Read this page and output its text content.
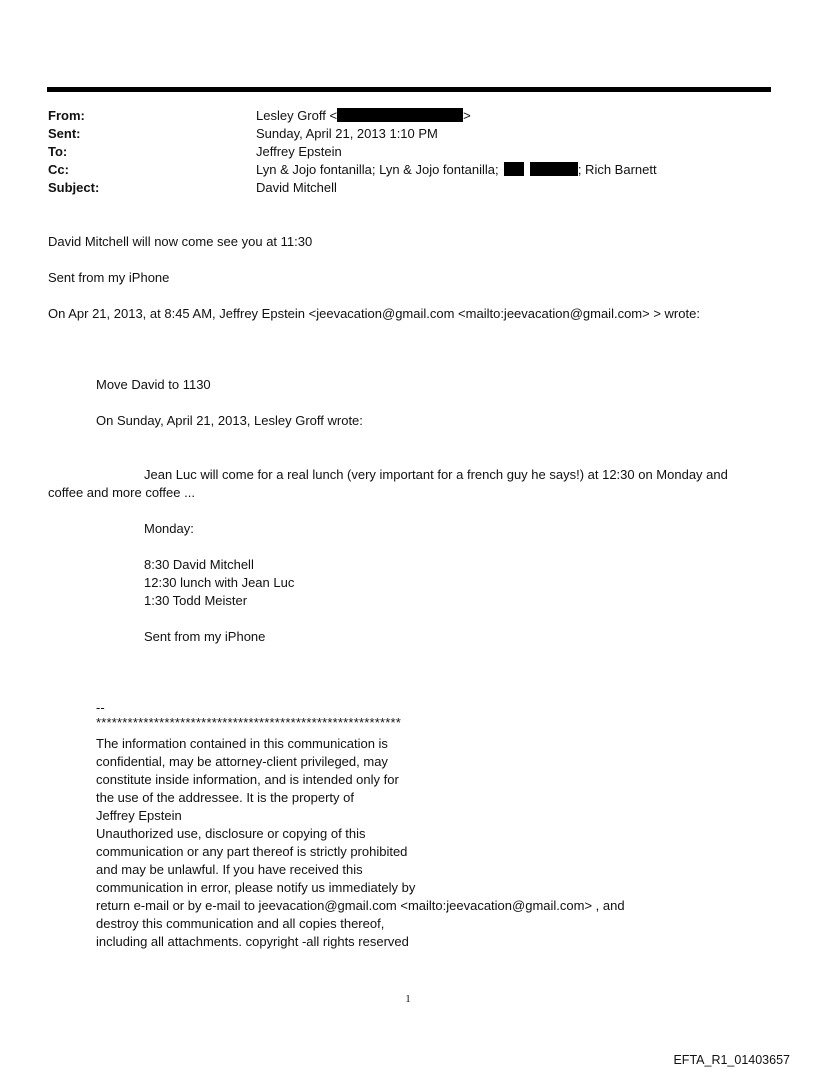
From:	Lesley Groff <	>
Sent:	Sunday, April 21, 2013 1:10 PM
To:	Jeffrey Epstein
Cc:	Lyn & Jojo fontanilla; Lyn & Jojo fontanilla;	; Rich Barnett
Subject:	David Mitchell
David Mitchell will now come see you at 11:30
Sent from my iPhone
On Apr 21, 2013, at 8:45 AM, Jeffrey Epstein <jeevacation@gmail.com <mailto:jeevacation@gmail.com> > wrote:
Move David to 1130
On Sunday, April 21, 2013, Lesley Groff wrote:
Jean Luc will come for a real lunch (very important for a french guy he says!) at 12:30 on Monday and
coffee and more coffee ...
Monday:
8:30 David Mitchell
12:30 lunch with Jean Luc
1:30 Todd Meister
Sent from my iPhone
--
**********************************************************
The information contained in this communication is
confidential, may be attorney-client privileged, may
constitute inside information, and is intended only for
the use of the addressee. It is the property of
Jeffrey Epstein
Unauthorized use, disclosure or copying of this
communication or any part thereof is strictly prohibited
and may be unlawful. If you have received this
communication in error, please notify us immediately by
return e-mail or by e-mail to jeevacation@gmail.com <mailto:jeevacation@gmail.com> , and
destroy this communication and all copies thereof,
including all attachments. copyright -all rights reserved
1
EFTA_R1_01403657
